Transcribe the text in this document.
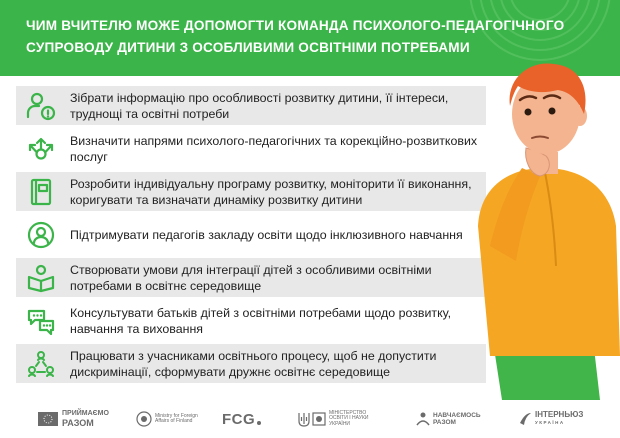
ЧИМ ВЧИТЕЛЮ МОЖЕ ДОПОМОГТИ КОМАНДА ПСИХОЛОГО-ПЕДАГОГІЧНОГО
СУПРОВОДУ ДИТИНИ З ОСОБЛИВИМИ ОСВІТНІМИ ПОТРЕБАМИ
Зібрати інформацію про особливості розвитку дитини, її інтереси, труднощі та освітні потреби
Визначити напрями психолого-педагогічних та корекційно-розвиткових послуг
Розробити індивідуальну програму розвитку, моніторити її виконання, коригувати та визначати динаміку розвитку дитини
Підтримувати педагогів закладу освіти щодо інклюзивного навчання
Створювати умови для інтеграції дітей з особливими освітніми потребами в освітнє середовище
Консультувати батьків дітей з освітніми потребами щодо розвитку, навчання та виховання
Працювати з учасниками освітнього процесу, щоб не допустити дискримінації, сформувати дружнє освітнє середовище
ПРИЙМАЄМО
РАЗОМ
Ministry for Foreign
Affairs of Finland	FCG	МІНІСТЕРСТВО
ОСВІТИ І НАУКИ
УКРАЇНИ
НАВЧАЄМОСЬ
РАЗОМ
ІНТЕРНЬЮЗ
УКРАЇНА
